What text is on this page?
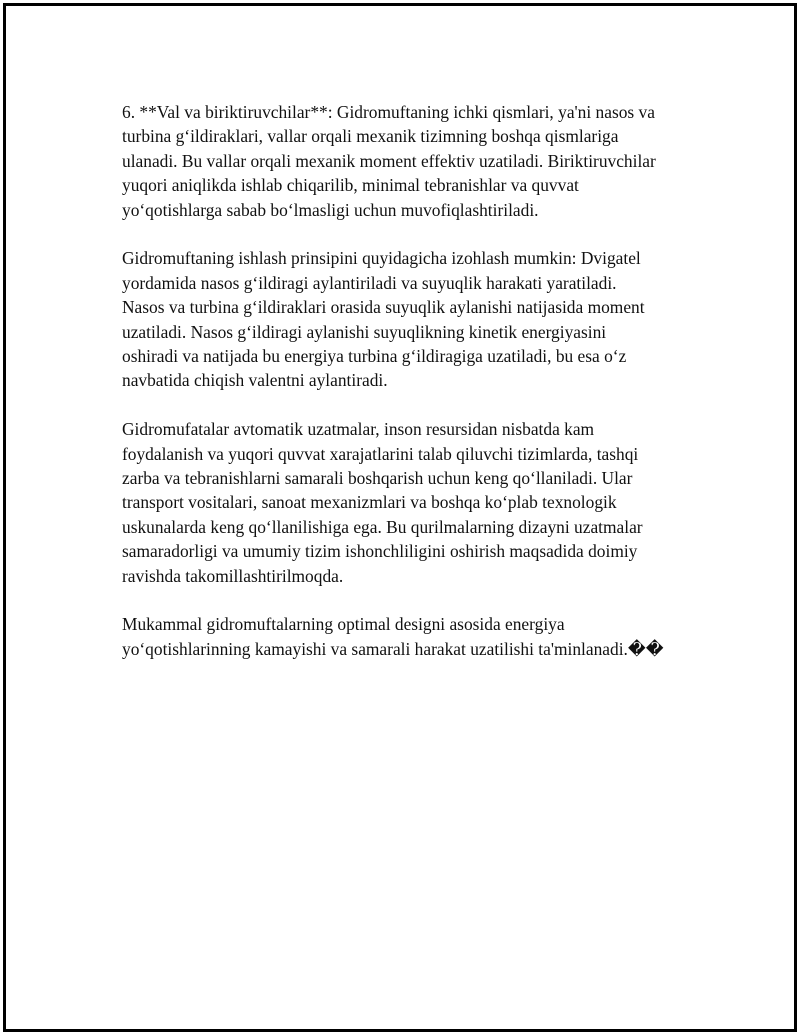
6. **Val va biriktiruvchilar**: Gidromuftaning ichki qismlari, ya'ni nasos va
turbina g‘ildiraklari, vallar orqali mexanik tizimning boshqa qismlariga
ulanadi. Bu vallar orqali mexanik moment effektiv uzatiladi. Biriktiruvchilar
yuqori aniqlikda ishlab chiqarilib, minimal tebranishlar va quvvat
yo‘qotishlarga sabab bo‘lmasligi uchun muvofiqlashtiriladi.

Gidromuftaning ishlash prinsipini quyidagicha izohlash mumkin: Dvigatel
yordamida nasos g‘ildiragi aylantiriladi va suyuqlik harakati yaratiladi.
Nasos va turbina g‘ildiraklari orasida suyuqlik aylanishi natijasida moment
uzatiladi. Nasos g‘ildiragi aylanishi suyuqlikning kinetik energiyasini
oshiradi va natijada bu energiya turbina g‘ildiragiga uzatiladi, bu esa o‘z
navbatida chiqish valentni aylantiradi.

Gidromufatalar avtomatik uzatmalar, inson resursidan nisbatda kam
foydalanish va yuqori quvvat xarajatlarini talab qiluvchi tizimlarda, tashqi
zarba va tebranishlarni samarali boshqarish uchun keng qo‘llaniladi. Ular
transport vositalari, sanoat mexanizmlari va boshqa ko‘plab texnologik
uskunalarda keng qo‘llanilishiga ega. Bu qurilmalarning dizayni uzatmalar
samaradorligi va umumiy tizim ishonchliligini oshirish maqsadida doimiy
ravishda takomillashtirilmoqda.

Mukammal gidromuftalarning optimal designi asosida energiya
yo‘qotishlarinning kamayishi va samarali harakat uzatilishi ta'minlanadi.��
